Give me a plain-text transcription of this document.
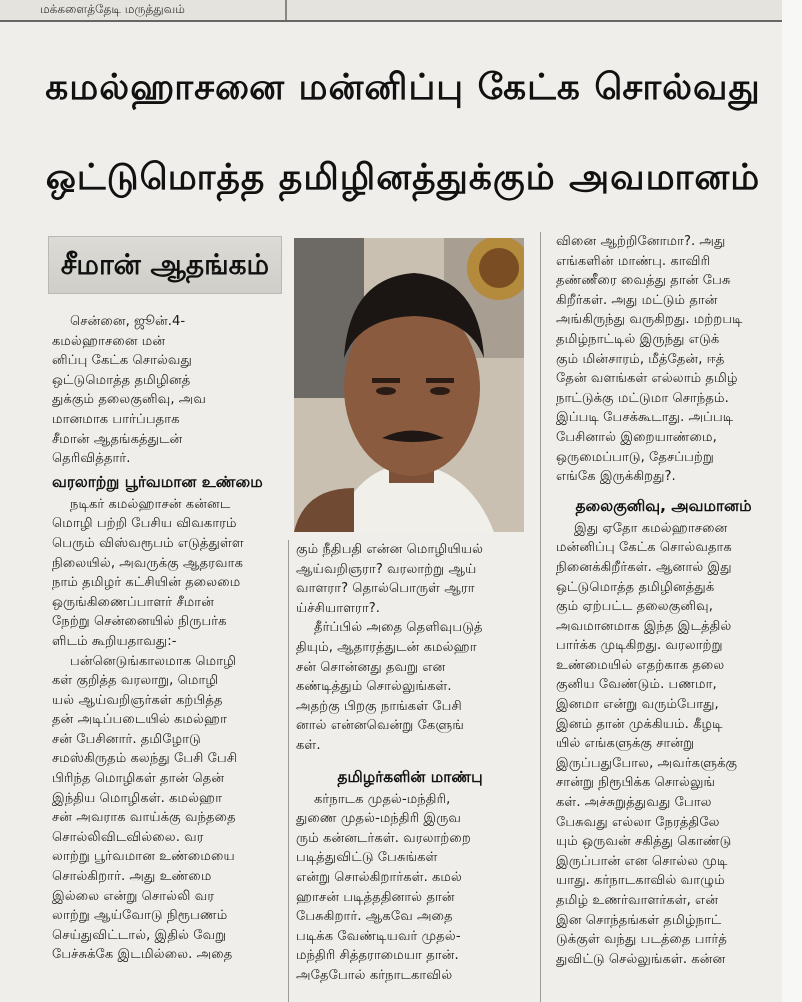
மக்களைத்தேடி மருத்துவம்
கமல்ஹாசனை மன்னிப்பு கேட்க சொல்வது
ஒட்டுமொத்த தமிழினத்துக்கும் அவமானம்
சீமான் ஆதங்கம்
சென்னை, ஜூன்.4-
கமல்ஹாசனை மன்
னிப்பு கேட்க சொல்வது
ஒட்டுமொத்த தமிழினத்
துக்கும் தலைகுனிவு, அவ
மானமாக பார்ப்பதாக
சீமான் ஆதங்கத்துடன்
தெரிவித்தார்.
வரலாற்று பூர்வமான உண்மை
நடிகர் கமல்ஹாசன் கன்னட
மொழி பற்றி பேசிய விவகாரம்
பெரும் விஸ்வரூபம் எடுத்துள்ள
நிலையில், அவருக்கு ஆதரவாக
நாம் தமிழர் கட்சியின் தலைமை
ஒருங்கிணைப்பாளர் சீமான்
நேற்று சென்னையில் நிருபர்க
ளிடம் கூறியதாவது:-
பன்னெடுங்காலமாக மொழி
கள் குறித்த வரலாறு, மொழி
யல் ஆய்வறிஞர்கள் கற்பித்த
தன் அடிப்படையில் கமல்ஹா
சன் பேசினார். தமிழோடு
சமஸ்கிருதம் கலந்து பேசி பேசி
பிரிந்த மொழிகள் தான் தென்
இந்திய மொழிகள். கமல்ஹா
சன் அவராக வாய்க்கு வந்ததை
சொல்லிவிடவில்லை. வர
லாற்று பூர்வமான உண்மையை
சொல்கிறார். அது உண்மை
இல்லை என்று சொல்லி வர
லாற்று ஆய்வோடு நிரூபணம்
செய்துவிட்டால், இதில் வேறு
பேச்சுக்கே இடமில்லை. அதை
கும் நீதிபதி என்ன மொழியியல்
ஆய்வறிஞரா? வரலாற்று ஆய்
வாளரா? தொல்பொருள் ஆரா
ய்ச்சியாளரா?.
தீர்ப்பில் அதை தெளிவுபடுத்
தியும், ஆதாரத்துடன் கமல்ஹா
சன் சொன்னது தவறு என
கண்டித்தும் சொல்லுங்கள்.
அதற்கு பிறகு நாங்கள் பேசி
னால் என்னவென்று கேளுங்
கள்.
தமிழர்களின் மாண்பு
கர்நாடக முதல்-மந்திரி,
துணை முதல்-மந்திரி இருவ
ரும் கன்னடர்கள். வரலாற்றை
படித்துவிட்டு பேசுங்கள்
என்று சொல்கிறார்கள். கமல்
ஹாசன் படித்ததினால் தான்
பேசுகிறார். ஆகவே அதை
படிக்க வேண்டியவர் முதல்-
மந்திரி சித்தராமையா தான்.
அதேபோல் கர்நாடகாவில்
வினை ஆற்றினோமா?. அது
எங்களின் மாண்பு. காவிரி
தண்ணீரை வைத்து தான் பேசு
கிறீர்கள். அது மட்டும் தான்
அங்கிருந்து வருகிறது. மற்றபடி
தமிழ்நாட்டில் இருந்து எடுக்
கும் மின்சாரம், மீத்தேன், ஈத்
தேன் வளங்கள் எல்லாம் தமிழ்
நாட்டுக்கு மட்டுமா சொந்தம்.
இப்படி பேசக்கூடாது. அப்படி
பேசினால் இறையாண்மை,
ஒருமைப்பாடு, தேசப்பற்று
எங்கே இருக்கிறது?.
தலைகுனிவு, அவமானம்
இது ஏதோ கமல்ஹாசனை
மன்னிப்பு கேட்க சொல்வதாக
நினைக்கிறீர்கள். ஆனால் இது
ஒட்டுமொத்த தமிழினத்துக்
கும் ஏற்பட்ட தலைகுனிவு,
அவமானமாக இந்த இடத்தில்
பார்க்க முடிகிறது. வரலாற்று
உண்மையில் எதற்காக தலை
குனிய வேண்டும். பணமா,
இனமா என்று வரும்போது,
இனம் தான் முக்கியம். கீழடி
யில் எங்களுக்கு சான்று
இருப்பதுபோல, அவர்களுக்கு
சான்று நிரூபிக்க சொல்லுங்
கள். அச்சுறுத்துவது போல
பேசுவது எல்லா நேரத்திலே
யும் ஒருவன் சகித்து கொண்டு
இருப்பான் என சொல்ல முடி
யாது. கர்நாடகாவில் வாழும்
தமிழ் உணர்வாளர்கள், என்
இன சொந்தங்கள் தமிழ்நாட்
டுக்குள் வந்து படத்தை பார்த்
துவிட்டு செல்லுங்கள். கன்ன
